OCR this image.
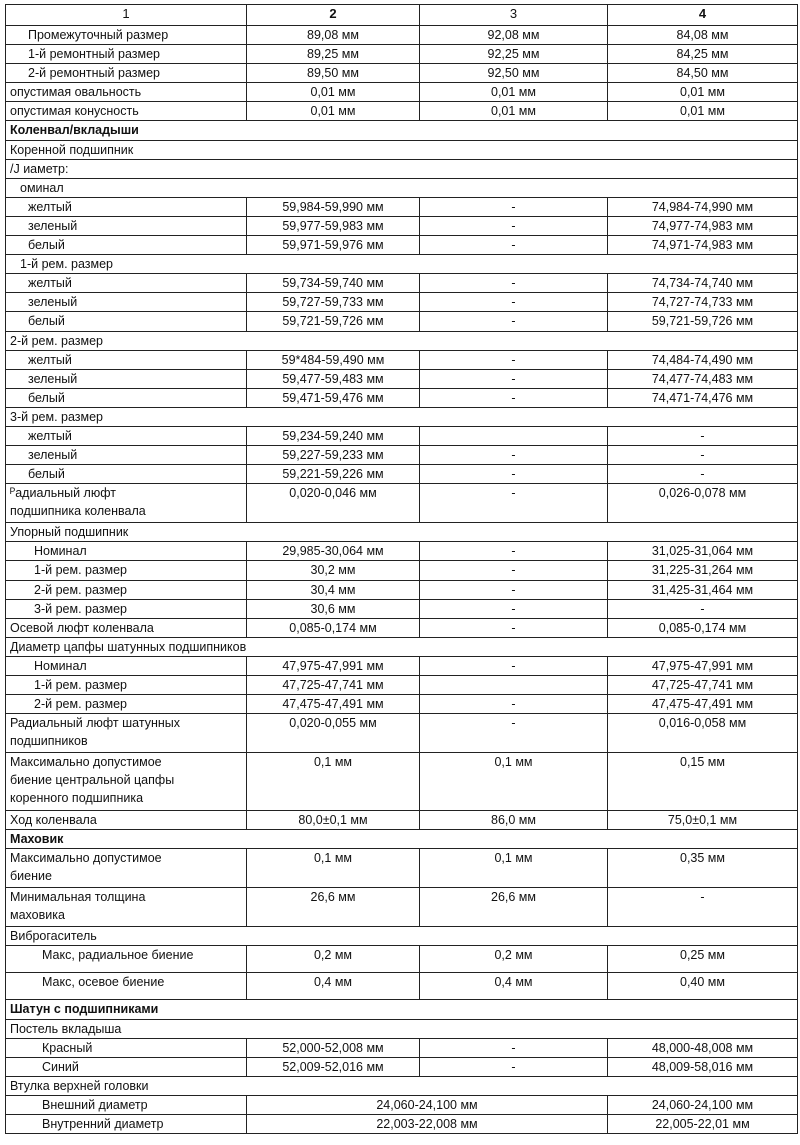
1	2	3	4
Промежуточный размер	89,08 мм	92,08 мм	84,08 мм
1-й ремонтный размер	89,25 мм	92,25 мм	84,25 мм
2-й ремонтный размер	89,50 мм	92,50 мм	84,50 мм
опустимая овальность	0,01 мм	0,01 мм	0,01 мм
опустимая конусность	0,01 мм	0,01 мм	0,01 мм
Коленвал/вкладыши			
Коренной подшипник			
/J иаметр:			
оминал			
желтый	59,984-59,990 мм	-	74,984-74,990 мм
зеленый	59,977-59,983 мм	-	74,977-74,983 мм
белый	59,971-59,976 мм	-	74,971-74,983 мм
1-й рем. размер			
желтый	59,734-59,740 мм	-	74,734-74,740 мм
зеленый	59,727-59,733 мм	-	74,727-74,733 мм
белый	59,721-59,726 мм	-	59,721-59,726 мм
2-й рем. размер			
желтый	59*484-59,490 мм	-	74,484-74,490 мм
зеленый	59,477-59,483 мм	-	74,477-74,483 мм
белый	59,471-59,476 мм	-	74,471-74,476 мм
3-й рем. размер			
желтый	59,234-59,240 мм		-
зеленый	59,227-59,233 мм	-	-
белый	59,221-59,226 мм	-	-
ᴾадиальный люфт
подшипника коленвала	0,020-0,046 мм	-	0,026-0,078 мм
Упорный подшипник			
Номинал	29,985-30,064 мм	-	31,025-31,064 мм
1-й рем. размер	30,2 мм	-	31,225-31,264 мм
2-й рем. размер	30,4 мм	-	31,425-31,464 мм
3-й рем. размер	30,6 мм	-	-
Осевой люфт коленвала	0,085-0,174 мм	-	0,085-0,174 мм
Диаметр цапфы шатунных подшипников			
Номинал	47,975-47,991 мм	-	47,975-47,991 мм
1-й рем. размер	47,725-47,741 мм		47,725-47,741 мм
2-й рем. размер	47,475-47,491 мм	-	47,475-47,491 мм
Радиальный люфт шатунных
подшипников	0,020-0,055 мм	-	0,016-0,058 мм
Максимально допустимое
биение центральной цапфы
коренного подшипника	0,1 мм	0,1 мм	0,15 мм
Ход коленвала	80,0±0,1 мм	86,0 мм	75,0±0,1 мм
Маховик			
Максимально допустимое
биение	0,1 мм	0,1 мм	0,35 мм
Минимальная толщина
маховика	26,6 мм	26,6 мм	-
Виброгаситель			
Макс, радиальное биение	0,2 мм	0,2 мм	0,25 мм
Макс, осевое биение	0,4 мм	0,4 мм	0,40 мм
Шатун с подшипниками			
Постель вкладыша			
Красный	52,000-52,008 мм	-	48,000-48,008 мм
Синий	52,009-52,016 мм	-	48,009-58,016 мм
Втулка верхней головки			
Внешний диаметр	24,060-24,100 мм		24,060-24,100 мм
Внутренний диаметр	22,003-22,008 мм		22,005-22,01 мм
